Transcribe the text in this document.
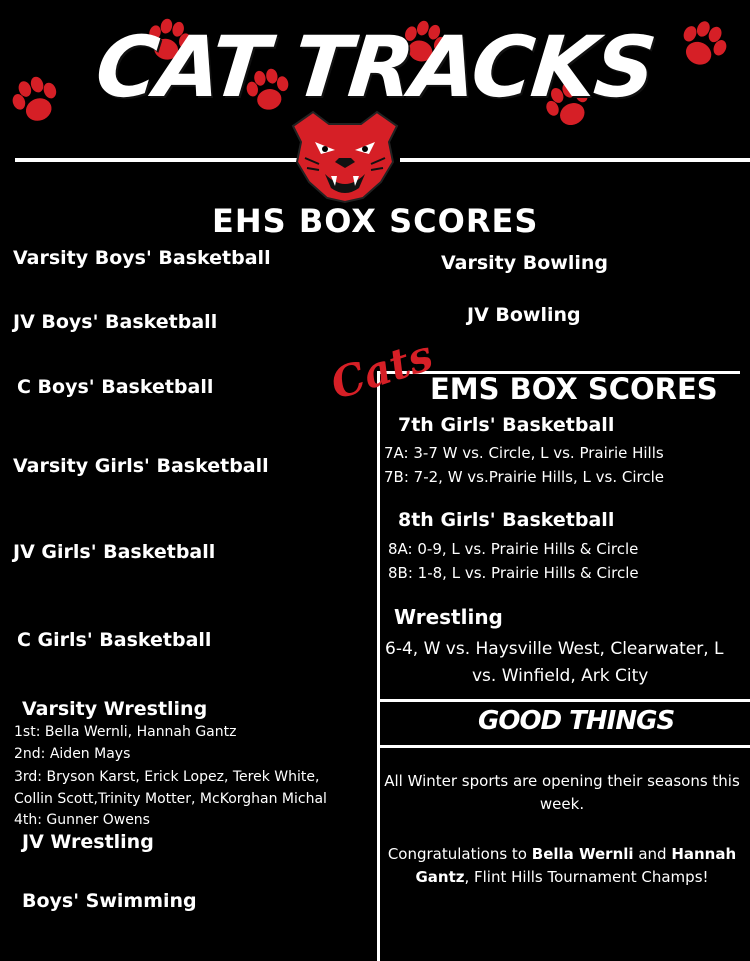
CAT TRACKS
EHS BOX SCORES
Varsity Boys' Basketball
JV Boys' Basketball
C Boys' Basketball
Varsity Girls' Basketball
JV Girls' Basketball
C Girls' Basketball
Varsity Wrestling
1st: Bella Wernli, Hannah Gantz
2nd: Aiden Mays
3rd: Bryson Karst, Erick Lopez, Terek White,
Collin Scott,Trinity Motter, McKorghan Michal
4th: Gunner Owens
JV Wrestling
Boys' Swimming
Varsity Bowling
JV Bowling
Cats
EMS BOX SCORES
7th Girls' Basketball
7A: 3-7 W vs. Circle, L vs. Prairie Hills
7B: 7-2, W vs.Prairie Hills, L vs. Circle
8th Girls' Basketball
8A: 0-9, L vs. Prairie Hills & Circle
8B: 1-8, L vs. Prairie Hills & Circle
Wrestling
6-4, W vs. Haysville West, Clearwater, L
vs. Winfield, Ark City
GOOD THINGS
All Winter sports are opening their seasons this week.
Congratulations to Bella Wernli and Hannah Gantz, Flint Hills Tournament Champs!
